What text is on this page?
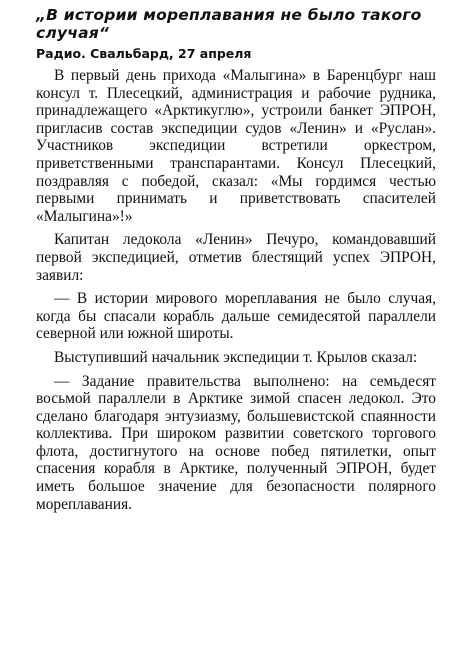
„В истории мореплавания не было такого случая“

Радио. Свальбард, 27 апреля

В первый день прихода «Малыгина» в Баренцбург наш консул т. Плесецкий, администрация и рабочие рудника, принадлежащего «Арктикуглю», устроили банкет ЭПРОН, пригласив состав экспедиции судов «Ленин» и «Руслан». Участников экспедиции встретили оркестром, приветственными транспарантами. Консул Плесецкий, поздравляя с победой, сказал: «Мы гордимся честью первыми принимать и приветствовать спасителей «Малыгина»!»

Капитан ледокола «Ленин» Печуро, командовавший первой экспедицией, отметив блестящий успех ЭПРОН, заявил:

— В истории мирового мореплавания не было случая, когда бы спасали корабль дальше семидесятой параллели северной или южной широты.

Выступивший начальник экспедиции т. Крылов сказал:

— Задание правительства выполнено: на семьдесят восьмой параллели в Арктике зимой спасен ледокол. Это сделано благодаря энтузиазму, большевистской спаянности коллектива. При широком развитии советского торгового флота, достигнутого на основе побед пятилетки, опыт спасения корабля в Арктике, полученный ЭПРОН, будет иметь большое значение для безопасности полярного мореплавания.
